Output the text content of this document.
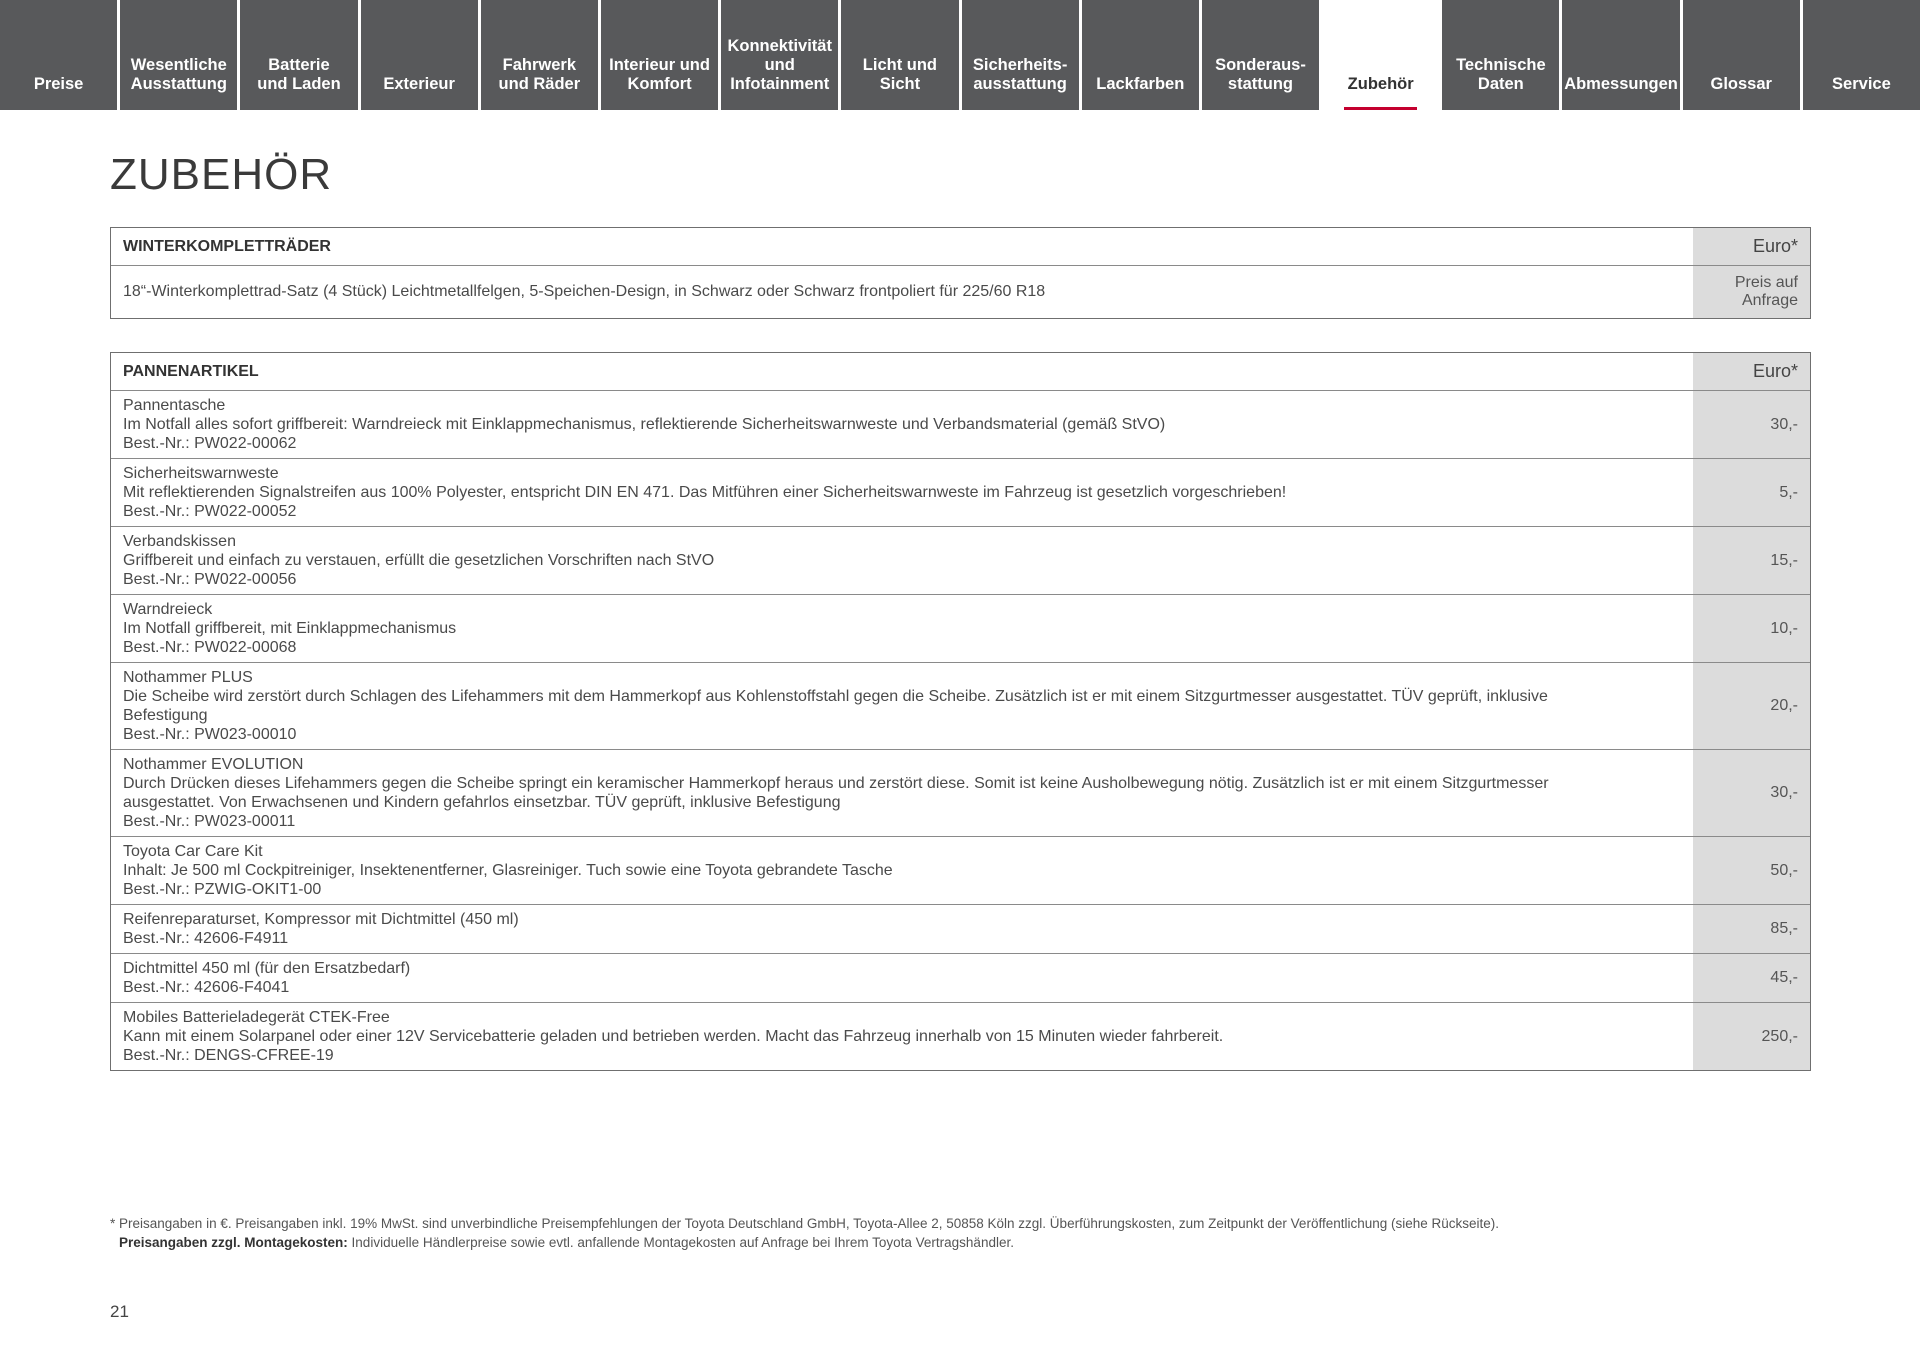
Preise
Wesentliche
Ausstattung
Batterie
und Laden	Exterieur
Fahrwerk
und Räder
Interieur und
Komfort
Konnektivität
und
Infotainment
Licht und Sicht
Sicherheits-
ausstattung Lackfarben
Sonderaus-
stattung	Zubehör
Technische
Daten	Abmessungen Glossar	Service
ZUBEHÖR
WINTERKOMPLETTRÄDER	Euro*
18“-Winterkomplettrad-Satz (4 Stück) Leichtmetallfelgen, 5-Speichen-Design, in Schwarz oder Schwarz frontpoliert für 225/60 R18
Preis auf
Anfrage
PANNENARTIKEL	Euro*
Pannentasche
Im Notfall alles sofort griffbereit: Warndreieck mit Einklappmechanismus, reflektierende Sicherheitswarnweste und Verbandsmaterial (gemäß StVO)
Best.-Nr.: PW022-00062
30,-
Sicherheitswarnweste
Mit reflektierenden Signalstreifen aus 100% Polyester, entspricht DIN EN 471. Das Mitführen einer Sicherheitswarnweste im Fahrzeug ist gesetzlich vorgeschrieben!
Best.-Nr.: PW022-00052
5,-
Verbandskissen
Griffbereit und einfach zu verstauen, erfüllt die gesetzlichen Vorschriften nach StVO
Best.-Nr.: PW022-00056
15,-
Warndreieck
Im Notfall griffbereit, mit Einklappmechanismus
Best.-Nr.: PW022-00068
10,-
Nothammer PLUS
Die Scheibe wird zerstört durch Schlagen des Lifehammers mit dem Hammerkopf aus Kohlenstoffstahl gegen die Scheibe. Zusätzlich ist er mit einem Sitzgurtmesser ausgestattet. TÜV geprüft, inklusive
Befestigung
Best.-Nr.: PW023-00010
20,-
Nothammer EVOLUTION
Durch Drücken dieses Lifehammers gegen die Scheibe springt ein keramischer Hammerkopf heraus und zerstört diese. Somit ist keine Ausholbewegung nötig. Zusätzlich ist er mit einem Sitzgurtmesser
ausgestattet. Von Erwachsenen und Kindern gefahrlos einsetzbar. TÜV geprüft, inklusive Befestigung
Best.-Nr.: PW023-00011
30,-
Toyota Car Care Kit
Inhalt: Je 500 ml Cockpitreiniger, Insektenentferner, Glasreiniger. Tuch sowie eine Toyota gebrandete Tasche
Best.-Nr.: PZWIG-OKIT1-00
50,-
Reifenreparaturset, Kompressor mit Dichtmittel (450 ml)
Best.-Nr.: 42606-F4911
85,-
Dichtmittel 450 ml (für den Ersatzbedarf)
Best.-Nr.: 42606-F4041
45,-
Mobiles Batterieladegerät CTEK-Free
Kann mit einem Solarpanel oder einer 12V Servicebatterie geladen und betrieben werden. Macht das Fahrzeug innerhalb von 15 Minuten wieder fahrbereit.
Best.-Nr.: DENGS-CFREE-19
250,-
* Preisangaben in €. Preisangaben inkl. 19% MwSt. sind unverbindliche Preisempfehlungen der Toyota Deutschland GmbH, Toyota-Allee 2, 50858 Köln zzgl. Überführungskosten, zum Zeitpunkt der Veröffentlichung (siehe Rückseite).
Preisangaben zzgl. Montagekosten: Individuelle Händlerpreise sowie evtl. anfallende Montagekosten auf Anfrage bei Ihrem Toyota Vertragshändler.
21
